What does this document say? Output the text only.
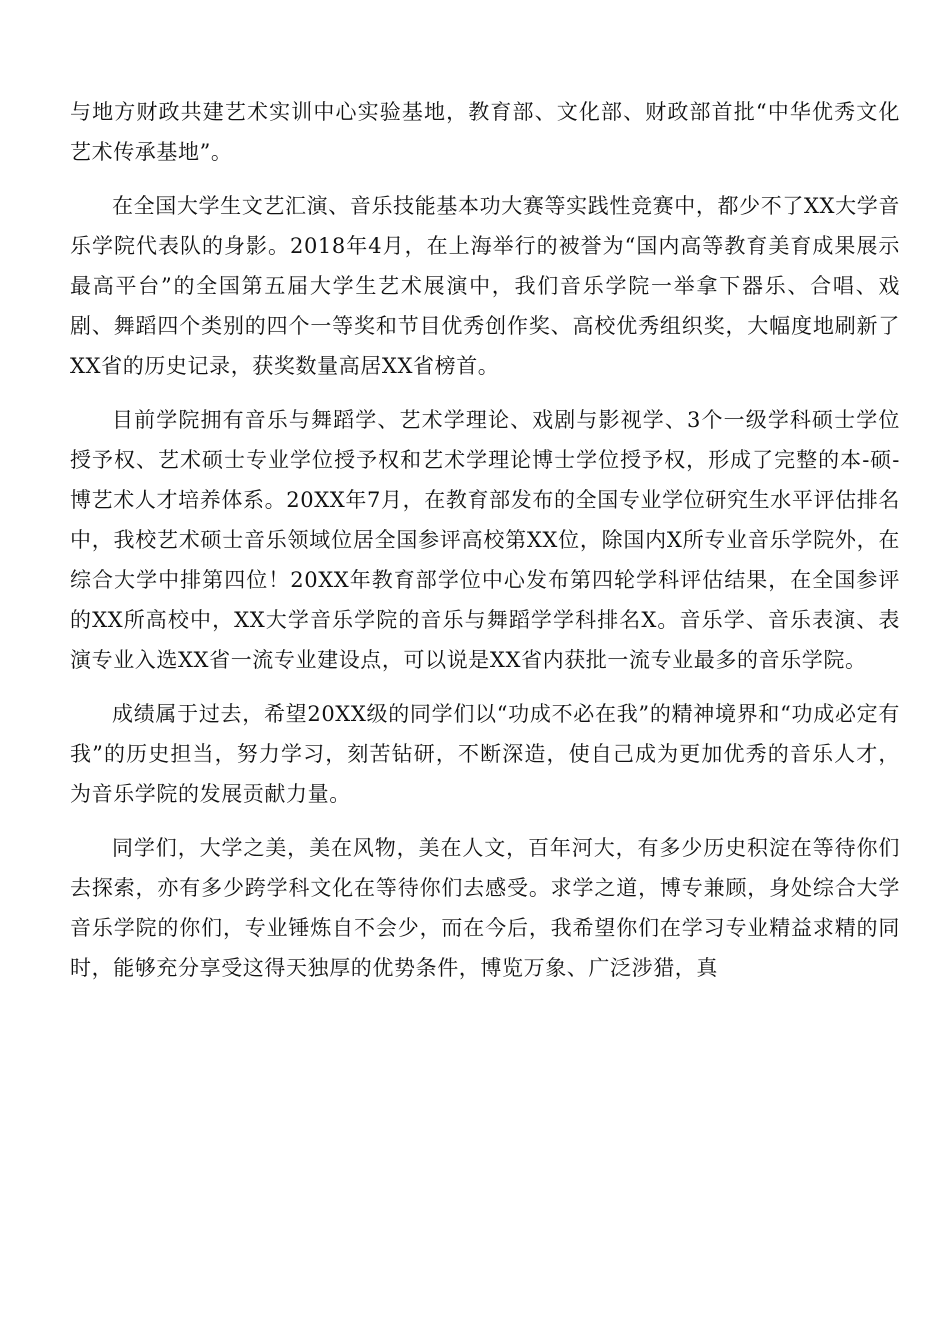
与地方财政共建艺术实训中心实验基地，教育部、文化部、财政部首批“中华优秀文化艺术传承基地”。

在全国大学生文艺汇演、音乐技能基本功大赛等实践性竞赛中，都少不了XX大学音乐学院代表队的身影。2018年4月，在上海举行的被誉为“国内高等教育美育成果展示最高平台”的全国第五届大学生艺术展演中，我们音乐学院一举拿下器乐、合唱、戏剧、舞蹈四个类别的四个一等奖和节目优秀创作奖、高校优秀组织奖，大幅度地刷新了XX省的历史记录，获奖数量高居XX省榜首。

目前学院拥有音乐与舞蹈学、艺术学理论、戏剧与影视学、3个一级学科硕士学位授予权、艺术硕士专业学位授予权和艺术学理论博士学位授予权，形成了完整的本-硕-博艺术人才培养体系。20XX年7月，在教育部发布的全国专业学位研究生水平评估排名中，我校艺术硕士音乐领域位居全国参评高校第XX位，除国内X所专业音乐学院外，在综合大学中排第四位！20XX年教育部学位中心发布第四轮学科评估结果，在全国参评的XX所高校中，XX大学音乐学院的音乐与舞蹈学学科排名X。音乐学、音乐表演、表演专业入选XX省一流专业建设点，可以说是XX省内获批一流专业最多的音乐学院。

成绩属于过去，希望20XX级的同学们以“功成不必在我”的精神境界和“功成必定有我”的历史担当，努力学习，刻苦钻研，不断深造，使自己成为更加优秀的音乐人才，为音乐学院的发展贡献力量。

同学们，大学之美，美在风物，美在人文，百年河大，有多少历史积淀在等待你们去探索，亦有多少跨学科文化在等待你们去感受。求学之道，博专兼顾，身处综合大学音乐学院的你们，专业锤炼自不会少，而在今后，我希望你们在学习专业精益求精的同时，能够充分享受这得天独厚的优势条件，博览万象、广泛涉猎，真
